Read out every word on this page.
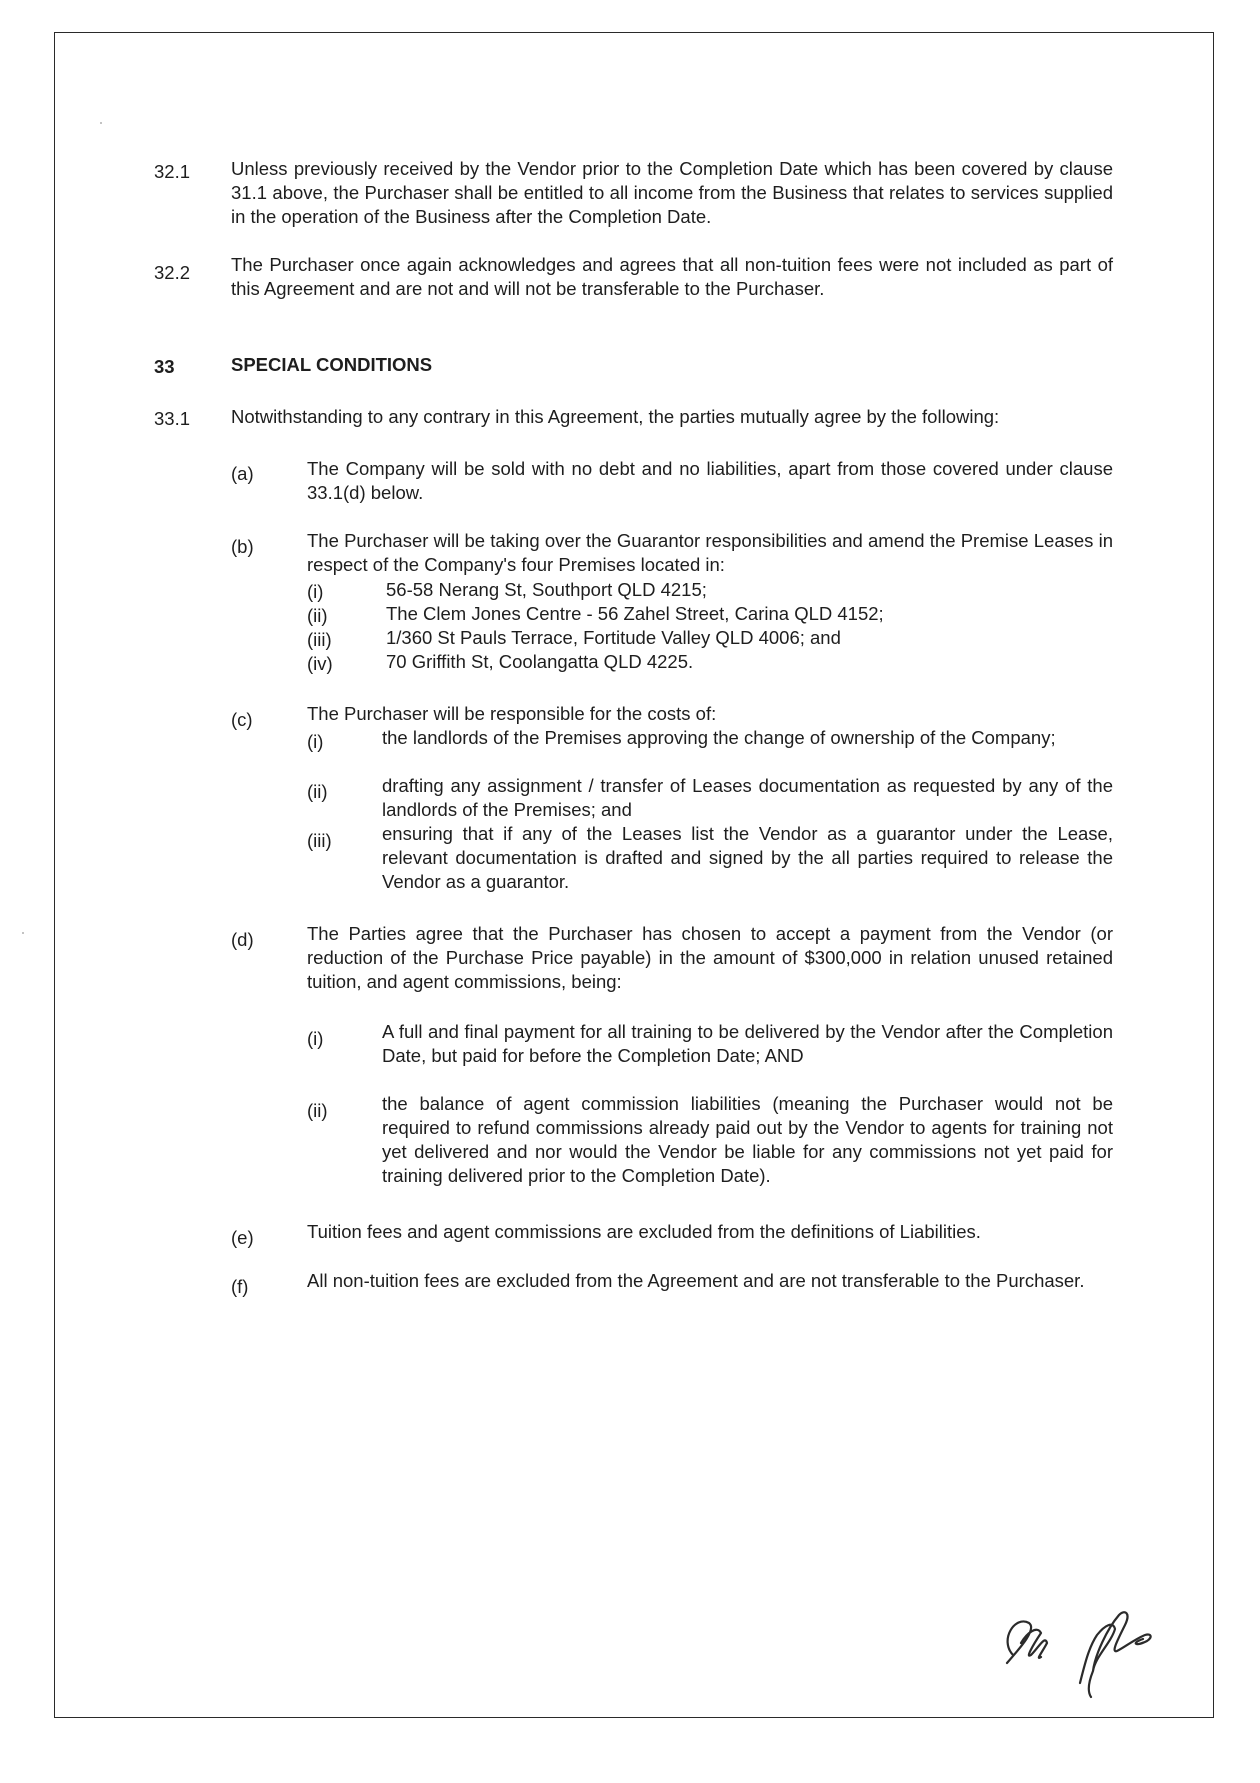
32.1 Unless previously received by the Vendor prior to the Completion Date which has been covered by clause 31.1 above, the Purchaser shall be entitled to all income from the Business that relates to services supplied in the operation of the Business after the Completion Date.
32.2 The Purchaser once again acknowledges and agrees that all non-tuition fees were not included as part of this Agreement and are not and will not be transferable to the Purchaser.
33	SPECIAL CONDITIONS
33.1 Notwithstanding to any contrary in this Agreement, the parties mutually agree by the following:
(a)	The Company will be sold with no debt and no liabilities, apart from those covered under clause 33.1(d) below.
(b)	The Purchaser will be taking over the Guarantor responsibilities and amend the Premise Leases in respect of the Company's four Premises located in:
(i)	56-58 Nerang St, Southport QLD 4215;
(ii)	The Clem Jones Centre - 56 Zahel Street, Carina QLD 4152;
(iii)	1/360 St Pauls Terrace, Fortitude Valley QLD 4006; and
(iv)	70 Griffith St, Coolangatta QLD 4225.
(c)	The Purchaser will be responsible for the costs of:
(i)	the landlords of the Premises approving the change of ownership of the Company;
(ii)	drafting any assignment / transfer of Leases documentation as requested by any of the landlords of the Premises; and
(iii)	ensuring that if any of the Leases list the Vendor as a guarantor under the Lease, relevant documentation is drafted and signed by the all parties required to release the Vendor as a guarantor.
(d)	The Parties agree that the Purchaser has chosen to accept a payment from the Vendor (or reduction of the Purchase Price payable) in the amount of $300,000 in relation unused retained tuition, and agent commissions, being:
(i)	A full and final payment for all training to be delivered by the Vendor after the Completion Date, but paid for before the Completion Date; AND
(ii)	the balance of agent commission liabilities (meaning the Purchaser would not be required to refund commissions already paid out by the Vendor to agents for training not yet delivered and nor would the Vendor be liable for any commissions not yet paid for training delivered prior to the Completion Date).
(e)	Tuition fees and agent commissions are excluded from the definitions of Liabilities.
(f)	All non-tuition fees are excluded from the Agreement and are not transferable to the Purchaser.
